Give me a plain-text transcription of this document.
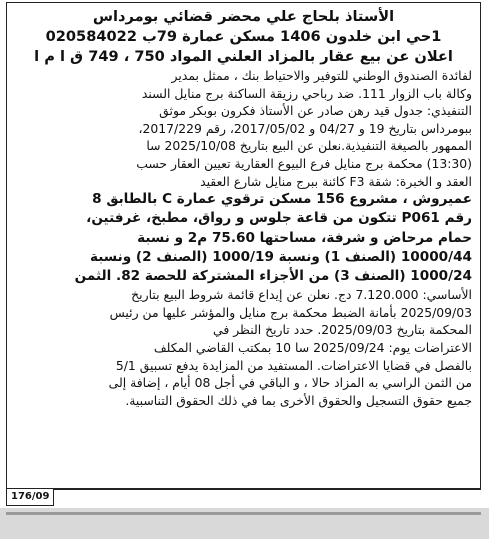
الأستاذ بلحاج علي محضر قضائي بومرداس
1حي ابن خلدون 1406 مسكن عمارة 79ب 020584022
اعلان عن بيع عقار بالمزاد العلني المواد 750 ، 749 ق ا م ا
لفائدة الصندوق الوطني للتوفير والاحتياط بنك ، ممثل بمدير
وكالة باب الزوار 111. ضد رباحي رزيقة الساكنة برج منايل السند
التنفيذي: جدول قيد رهن صادر عن الأستاذ فكرون بوبكر موثق
ببومرداس بتاريخ 19 و 04/27 و 2017/05/02، رقم 2017/229،
الممهور بالصيغة التنفيذية.نعلن عن البيع بتاريخ 2025/10/08 سا
(13:30) محكمة برج منايل فرع البيوع العقارية تعيين العقار حسب
العقد و الخبرة: شقة F3 كائنة ببرج منايل شارع العقيد
عميروش ، مشروع 156 مسكن ترقوي عمارة C بالطابق 8
رقم P061 تتكون من قاعة جلوس و رواق، مطبخ، غرفتين،
حمام مرحاض و شرفة، مساحتها 75.60 م2 و نسبة
10000/44 (الصنف 1) ونسبة 1000/19 (الصنف 2) ونسبة
1000/24 (الصنف 3) من الأجزاء المشتركة للحصة 82. الثمن
الأساسي: 7.120.000 دج. نعلن عن إيداع قائمة شروط البيع بتاريخ
2025/09/03 بأمانة الضبط محكمة برج منايل والمؤشر عليها من رئيس
المحكمة بتاريخ 2025/09/03. حدد تاريخ النظر في
الاعتراضات يوم: 2025/09/24 سا 10 بمكتب القاضي المكلف
بالفصل في قضايا الاعتراضات. المستفيد من المزايدة يدفع تسبيق 5/1
من الثمن الراسي به المزاد حالا ، و الباقي في أجل 08 أيام ، إضافة إلى
جميع حقوق التسجيل والحقوق الأخرى بما في ذلك الحقوق التناسبية.
176/09
